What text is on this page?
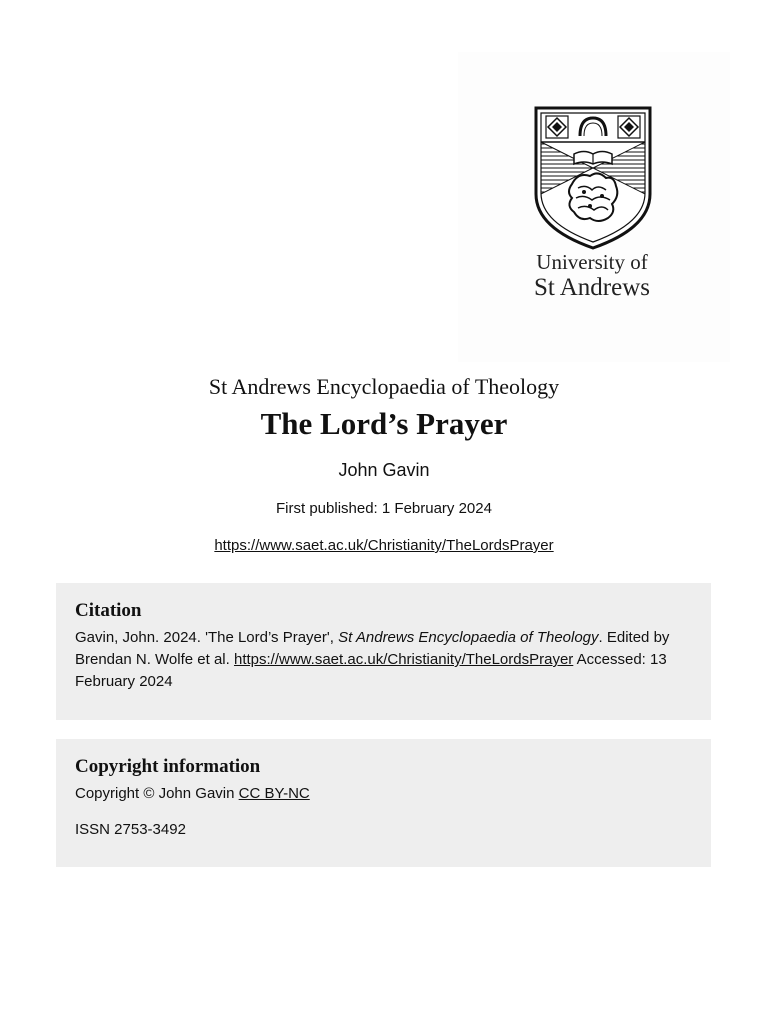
University of
St Andrews
St Andrews Encyclopaedia of Theology
The Lord’s Prayer
John Gavin
First published: 1 February 2024
https://www.saet.ac.uk/Christianity/TheLordsPrayer
Citation

Gavin, John. 2024. 'The Lord’s Prayer', St Andrews Encyclopaedia of Theology. Edited by Brendan N. Wolfe et al. https://www.saet.ac.uk/Christianity/TheLordsPrayer Accessed: 13 February 2024

Copyright information

Copyright © John Gavin CC BY-NC

ISSN 2753-3492
